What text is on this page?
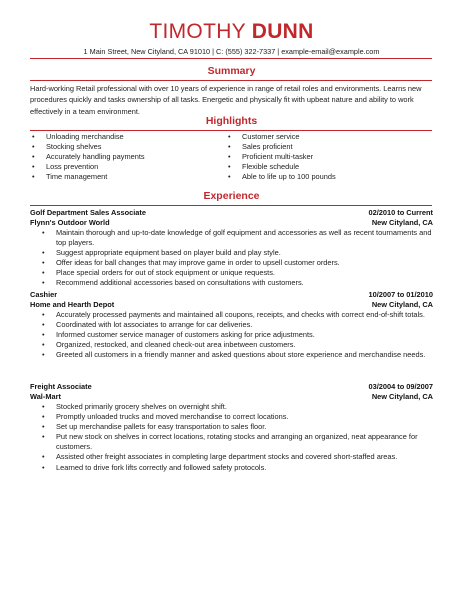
TIMOTHY DUNN
1 Main Street, New Cityland, CA 91010 | C: (555) 322-7337 | example-email@example.com
Summary
Hard-working Retail professional with over 10 years of experience in range of retail roles and environments. Learns new procedures quickly and tasks ownership of all tasks. Energetic and physically fit with upbeat nature and ability to work effectively in a team environment.
Highlights
• Unloading merchandise
• Stocking shelves
• Accurately handling payments
• Loss prevention
• Time management
• Customer service
• Sales proficient
• Proficient multi-tasker
• Flexible schedule
• Able to life up to 100 pounds
Experience
Golf Department Sales Associate	02/2010 to Current
Flynn's Outdoor World	New Cityland, CA
• Maintain thorough and up-to-date knowledge of golf equipment and accessories as well as recent tournaments and top players.
• Suggest appropriate equipment based on player build and play style.
• Offer ideas for ball changes that may improve game in order to upsell customer orders.
• Place special orders for out of stock equipment or unique requests.
• Recommend additional accessories based on consultations with customers.
Cashier	10/2007 to 01/2010
Home and Hearth Depot	New Cityland, CA
• Accurately processed payments and maintained all coupons, receipts, and checks with correct end-of-shift totals.
• Coordinated with lot associates to arrange for car deliveries.
• Informed customer service manager of customers asking for price adjustments.
• Organized, restocked, and cleaned check-out area inbetween customers.
• Greeted all customers in a friendly manner and asked questions about store experience and merchandise needs.
Freight Associate	03/2004 to 09/2007
Wal-Mart	New Cityland, CA
• Stocked primarily grocery shelves on overnight shift.
• Promptly unloaded trucks and moved merchandise to correct locations.
• Set up merchandise pallets for easy transportation to sales floor.
• Put new stock on shelves in correct locations, rotating stocks and arranging an organized, neat appearance for customers.
• Assisted other freight associates in completing large department stocks and covered short-staffed areas.
• Learned to drive fork lifts correctly and followed safety protocols.
